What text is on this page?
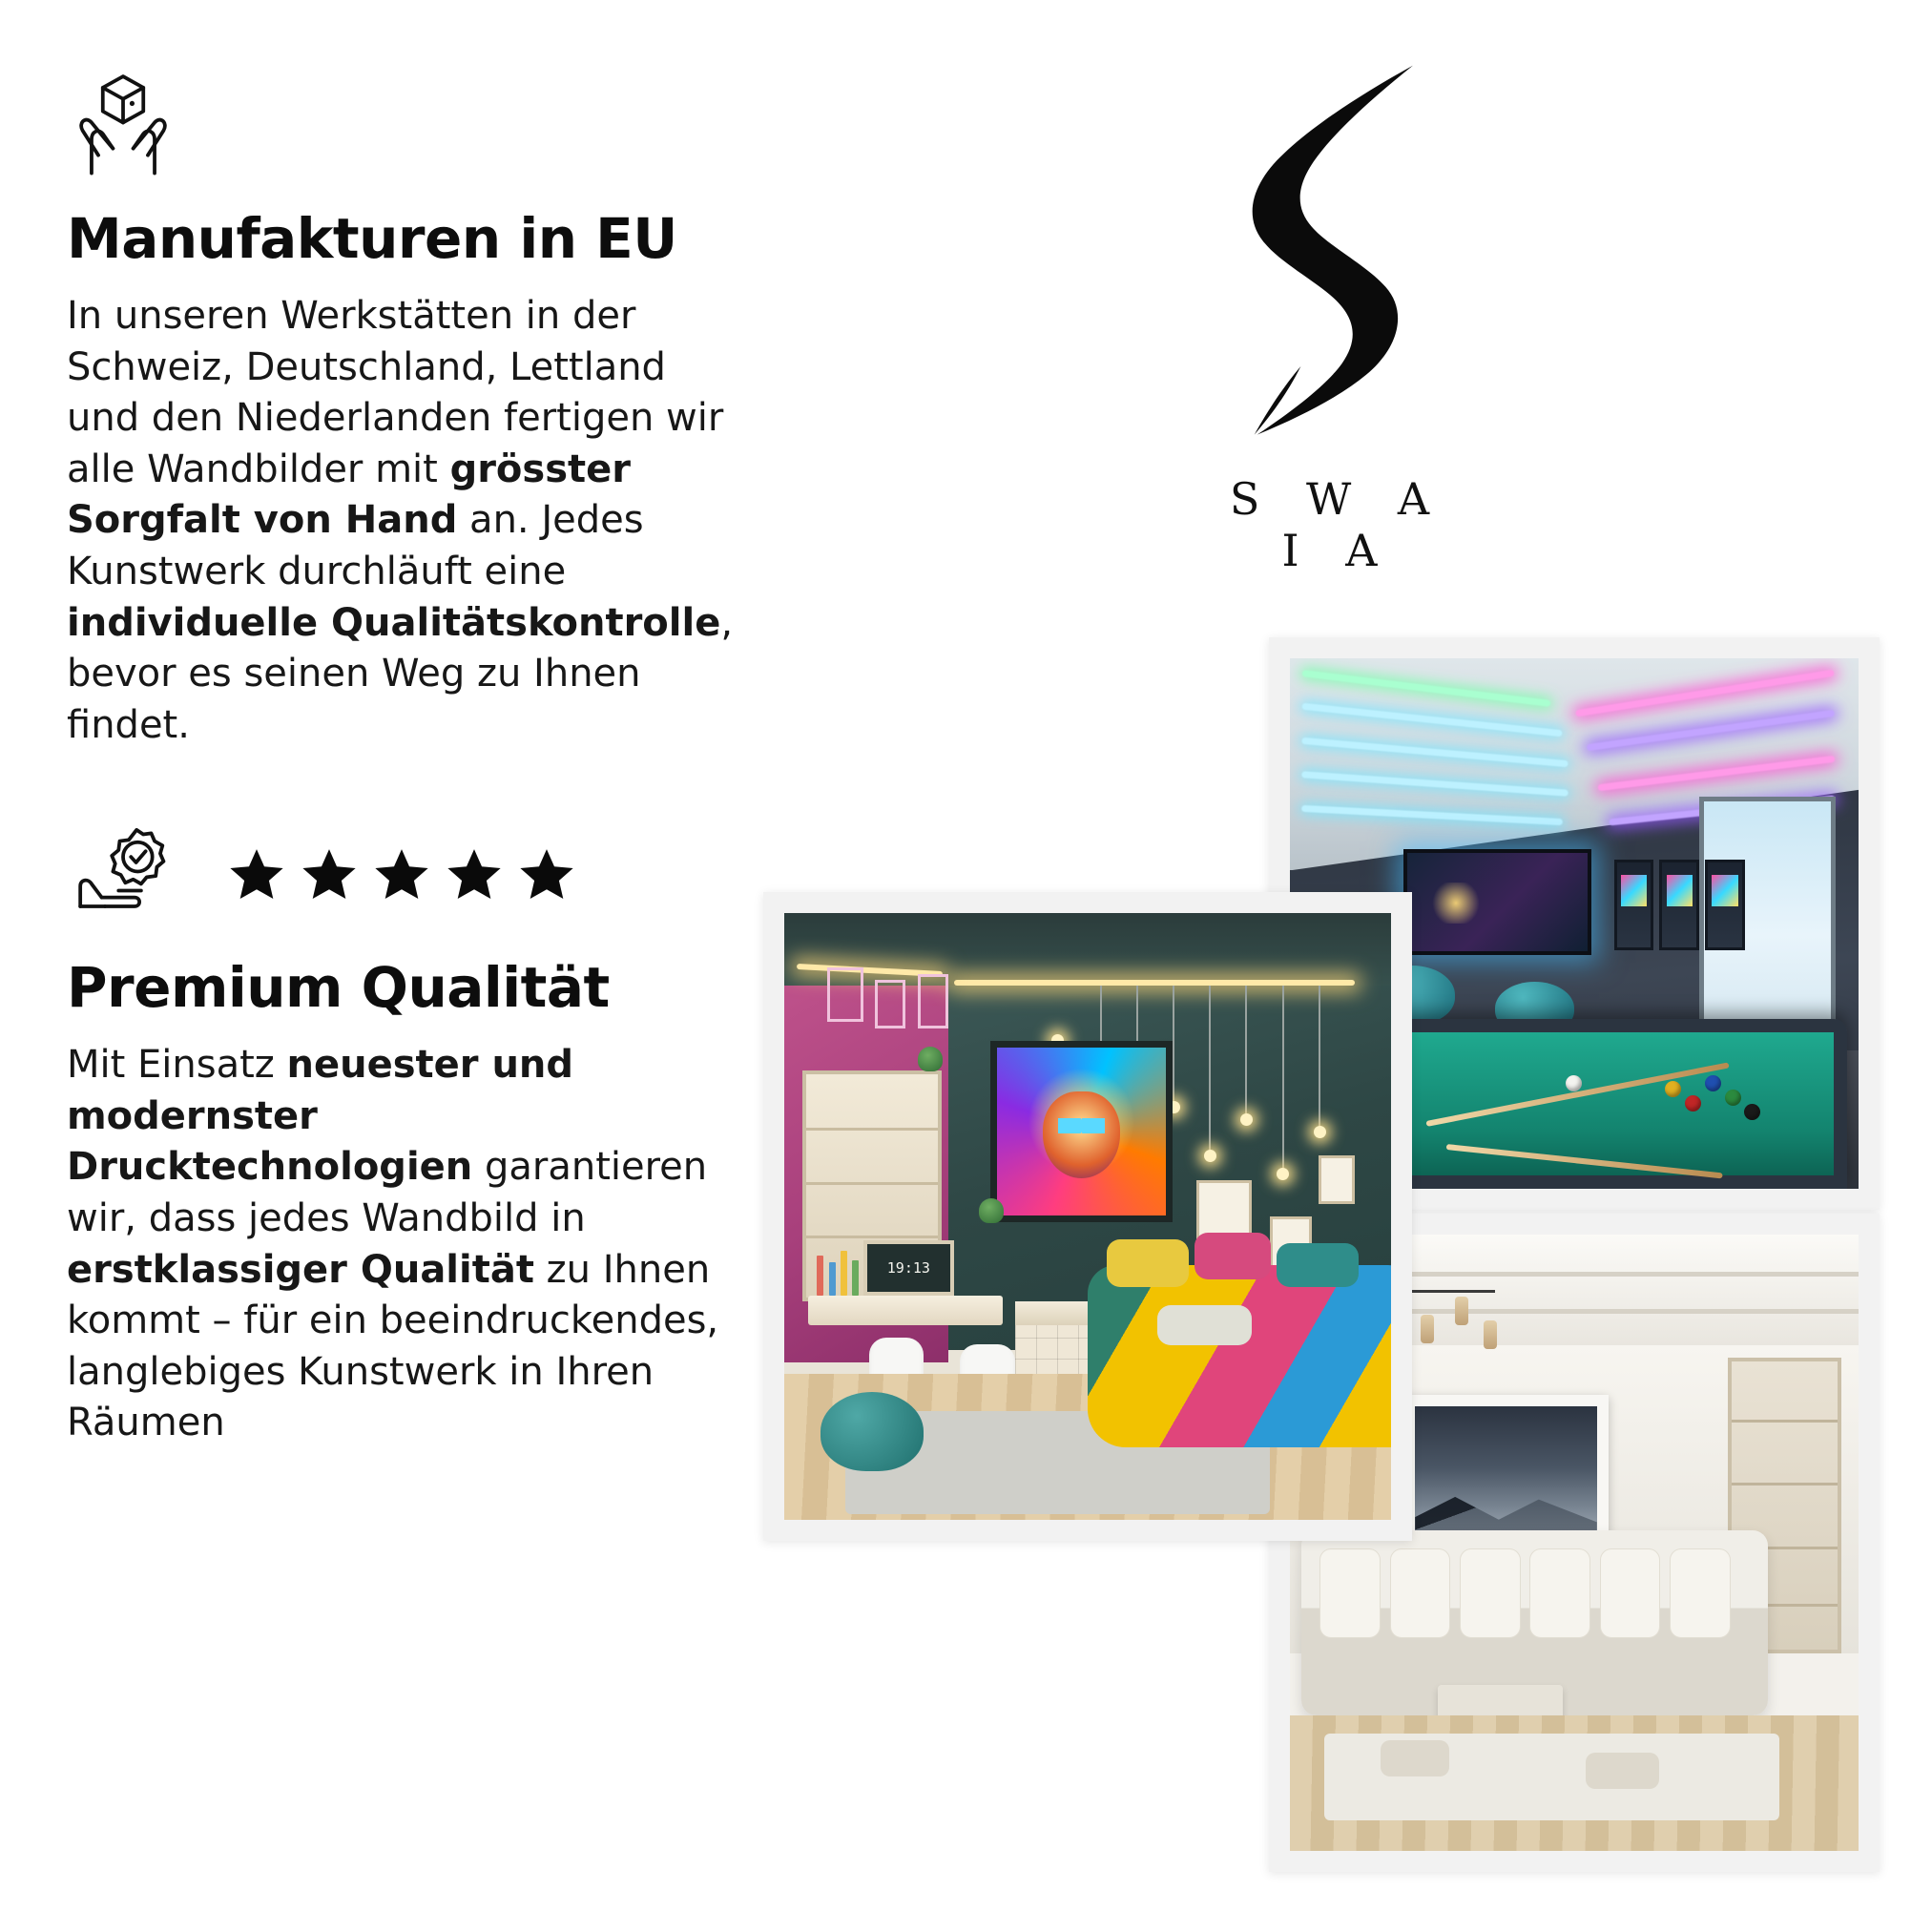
Manufakturen in EU

In unseren Werkstätten in der Schweiz, Deutschland, Lettland und den Niederlanden fertigen wir alle Wandbilder mit grösster Sorgfalt von Hand an. Jedes Kunstwerk durchläuft eine individuelle Qualitätskontrolle, bevor es seinen Weg zu Ihnen findet.

Premium Qualität

Mit Einsatz neuester und modernster Drucktechnologien garantieren wir, dass jedes Wandbild in erstklassiger Qualität zu Ihnen kommt – für ein beeindruckendes, langlebiges Kunstwerk in Ihren Räumen

S W A I A
19:13
